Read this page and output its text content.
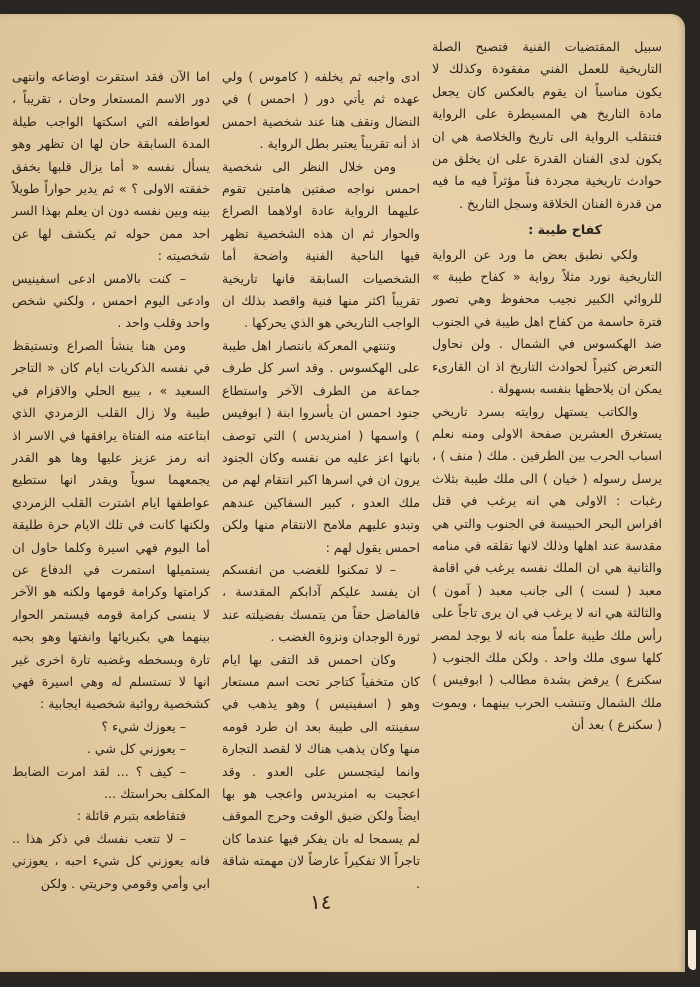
سبيل المقتضيات الفنية فتصبح الصلة التاريخية للعمل الفني مفقودة وكذلك لا يكون مناسباً ان يقوم بالعكس كان يجعل مادة التاريخ هي المسيطرة على الرواية فتنقلب الرواية الى تاريخ والخلاصة هي ان يكون لدى الفنان القدرة على ان يخلق من حوادث تاريخية مجردة فناً مؤثراً فيه ما فيه من قدرة الفنان الخلاقة وسجل التاريخ .

كفاح طيبة :

ولكي نطبق بعض ما ورد عن الرواية التاريخية نورد مثلاً رواية « كفاح طيبة » للروائي الكبير نجيب محفوظ وهي تصور فترة حاسمة من كفاح اهل طيبة في الجنوب ضد الهكسوس في الشمال . ولن نحاول التعرض كثيراً لحوادث التاريخ اذ ان القارىء يمكن ان يلاحظها بنفسه بسهولة .

والكاتب يستهل روايته بسرد تاريخي يستغرق العشرين صفحة الاولى ومنه نعلم اسباب الحرب بين الطرفين . ملك ( منف ) ، يرسل رسوله ( خيان ) الى ملك طيبة بثلاث رغبات : الاولى هي انه يرغب في قتل افراس البحر الحبيسة في الجنوب والتي هي مقدسة عند اهلها وذلك لانها تقلقه في منامه والثانية هي ان الملك نفسه يرغب في اقامة معبد ( لست ) الى جانب معبد ( آمون ) والثالثة هي انه لا يرغب في ان يرى تاجاً على رأس ملك طيبة علماً منه بانه لا يوجد لمصر كلها سوى ملك واحد . ولكن ملك الجنوب ( سكنرع ) يرفض بشدة مطالب ( ابوفيس ) ملك الشمال وتنشب الحرب بينهما ، ويموت ( سكنرع ) بعد أن

ادى واجبه ثم يخلفه ( كاموس ) ولي عهده ثم يأتي دور ( احمس ) في النضال ونقف هنا عند شخصية احمس اذ أنه تقريباً يعتبر بطل الرواية .

ومن خلال النظر الى شخصية احمس نواجه صفتين هامتين تقوم عليهما الرواية عادة اولاهما الصراع والحوار ثم ان هذه الشخصية تظهر فيها الناحية الفنية واضحة أما الشخصيات السابقة فانها تاريخية تقريباً اكثر منها فنية واقصد بذلك ان الواجب التاريخي هو الذي يحركها .

وتنتهي المعركة بانتصار اهل طيبة على الهكسوس . وقد اسر كل طرف جماعة من الطرف الآخر واستطاع جنود احمس ان يأسروا ابنة ( ابوفيس ) واسمها ( امنريدس ) التي توصف بانها اعز عليه من نفسه وكان الجنود يرون ان في اسرها اكبر انتقام لهم من ملك العدو ، كبير السفاكين عندهم وتبدو عليهم ملامح الانتقام منها ولكن احمس يقول لهم :

– لا تمكنوا للغضب من انفسكم ان يفسد عليكم آدابكم المقدسة ، فالفاضل حقاً من يتمسك بفضيلته عند ثورة الوجدان ونزوة الغضب .

وكان احمس قد التقى بها ايام كان متخفياً كتاجر تحت اسم مستعار وهو ( اسفينيس ) وهو يذهب في سفينته الى طيبة بعد ان طرد قومه منها وكان يذهب هناك لا لقصد التجارة وانما ليتجسس على العدو . وقد اعجبت به امنريدس واعجب هو بها ايضاً ولكن ضيق الوقت وحرج الموقف لم يسمحا له بان يفكر فيها عندما كان تاجراً الا تفكيراً عارضاً لان مهمته شاقة .

اما الآن فقد استقرت اوضاعه وانتهى دور الاسم المستعار وحان ، تقريباً ، لعواطفه التي اسكتها الواجب طيلة المدة السابقة حان لها ان تظهر وهو يسأل نفسه « أما يزال قلبها يخفق خفقته الاولى ؟ » ثم يدير حواراً طويلاً بينه وبين نفسه دون ان يعلم بهذا السر احد ممن حوله ثم يكشف لها عن شخصيته :

– كنت بالامس ادعى اسفينيس وادعى اليوم احمس ، ولكني شخص واحد وقلب واحد .

ومن هنا ينشأ الصراع وتستيقظ في نفسه الذكريات ايام كان « التاجر السعيد » ، يبيع الحلي والاقزام في طيبة ولا زال القلب الزمردي الذي ابتاعته منه الفتاة يرافقها في الاسر اذ انه رمز عزيز عليها وها هو القدر يجمعهما سوياً ويقدر انها ستطيع عواطفها ايام اشترت القلب الزمردي ولكنها كانت في تلك الايام حرة طليقة أما اليوم فهي اسيرة وكلما حاول ان يستميلها استمرت في الدفاع عن كرامتها وكرامة قومها ولكنه هو الآخر لا ينسى كرامة قومه فيستمر الحوار بينهما هي بكبريائها وانفتها وهو بحبه تارة وبسخطه وغضبه تارة اخرى غير انها لا تستسلم له وهي اسيرة فهي كشخصية روائية شخصية ايجابية :

– يعوزك شيء ؟

– يعوزني كل شي .

– كيف ؟ ... لقد امرت الضابط المكلف بحراستك ...

فتقاطعه بتبرم قائلة :

– لا تتعب نفسك في ذكر هذا .. فانه يعوزني كل شيء احبه ، يعوزني ابي وأمي وقومي وحريتي . ولكن

١٤
